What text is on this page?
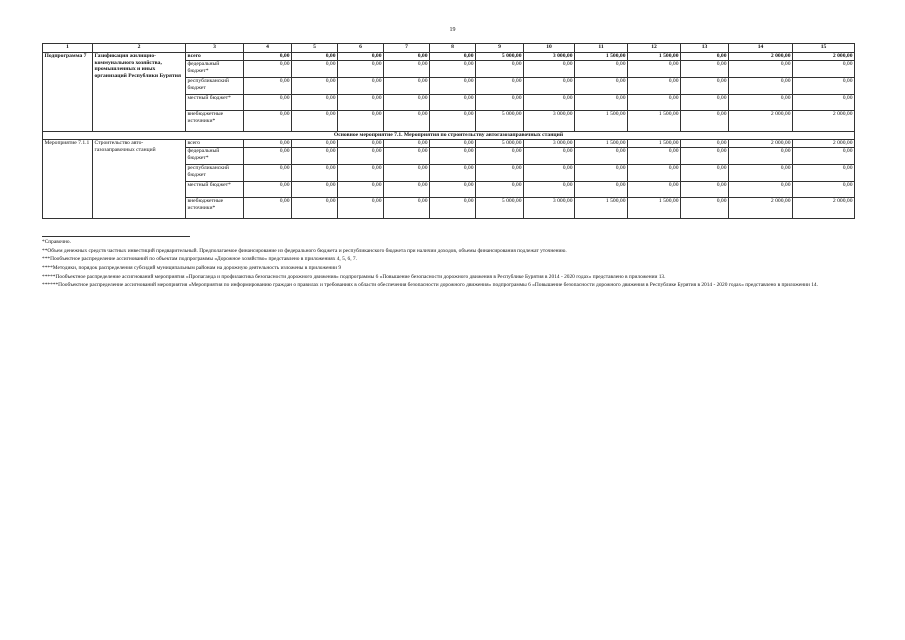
19
1	2	3	4	5	6	7	8	9	10	11	12	13	14	15
Подпрограмма 7	Газификация жилищно-коммунального хозяйства, промышленных и иных организаций Республики Бурятия	всего	0,00	0,00	0,00	0,00	0,00	5 000,00	3 000,00	1 500,00	1 500,00	0,00	2 000,00	2 000,00
		федеральный бюджет*	0,00	0,00	0,00	0,00	0,00	0,00	0,00	0,00	0,00	0,00	0,00	0,00
		республиканский бюджет	0,00	0,00	0,00	0,00	0,00	0,00	0,00	0,00	0,00	0,00	0,00	0,00
		местный бюджет*	0,00	0,00	0,00	0,00	0,00	0,00	0,00	0,00	0,00	0,00	0,00	0,00
		внебюджетные источники*	0,00	0,00	0,00	0,00	0,00	5 000,00	3 000,00	1 500,00	1 500,00	0,00	2 000,00	2 000,00
Основное мероприятие 7.1. Мероприятия по строительству автогазозаправочных станций														
Мероприятие 7.1.1	Строительство авто-газозаправочных станций	всего	0,00	0,00	0,00	0,00	0,00	5 000,00	3 000,00	1 500,00	1 500,00	0,00	2 000,00	2 000,00
		федеральный бюджет*	0,00	0,00	0,00	0,00	0,00	0,00	0,00	0,00	0,00	0,00	0,00	0,00
		республиканский бюджет	0,00	0,00	0,00	0,00	0,00	0,00	0,00	0,00	0,00	0,00	0,00	0,00
		местный бюджет*	0,00	0,00	0,00	0,00	0,00	0,00	0,00	0,00	0,00	0,00	0,00	0,00
		внебюджетные источники*	0,00	0,00	0,00	0,00	0,00	5 000,00	3 000,00	1 500,00	1 500,00	0,00	2 000,00	2 000,00
*Справочно.
**Объем денежных средств частных инвестиций предварительный. Предполагаемое финансирование из федерального бюджета и республиканского бюджета при наличии доходов, объемы финансирования подлежат уточнению.
***Пообъектное распределение ассигнований по объектам подпрограммы «Дорожное хозяйство» представлено в приложениях 4, 5, 6, 7.
****Методики, порядок распределения субсидий муниципальным районам на дорожную деятельность изложены в приложении 9
*****Пообъектное распределение ассигнований мероприятия «Пропаганда и профилактика безопасности дорожного движения» подпрограммы 6 «Повышение безопасности дорожного движения в Республике Бурятия в 2014 - 2020 годах» представлено в приложении 13.
******Пообъектное распределение ассигнований мероприятия «Мероприятия по информированию граждан о правилах и требованиях в области обеспечения безопасности дорожного движения» подпрограммы 6 «Повышение безопасности дорожного движения в Республике Бурятия в 2014 - 2020 годах» представлено в приложении 14.
